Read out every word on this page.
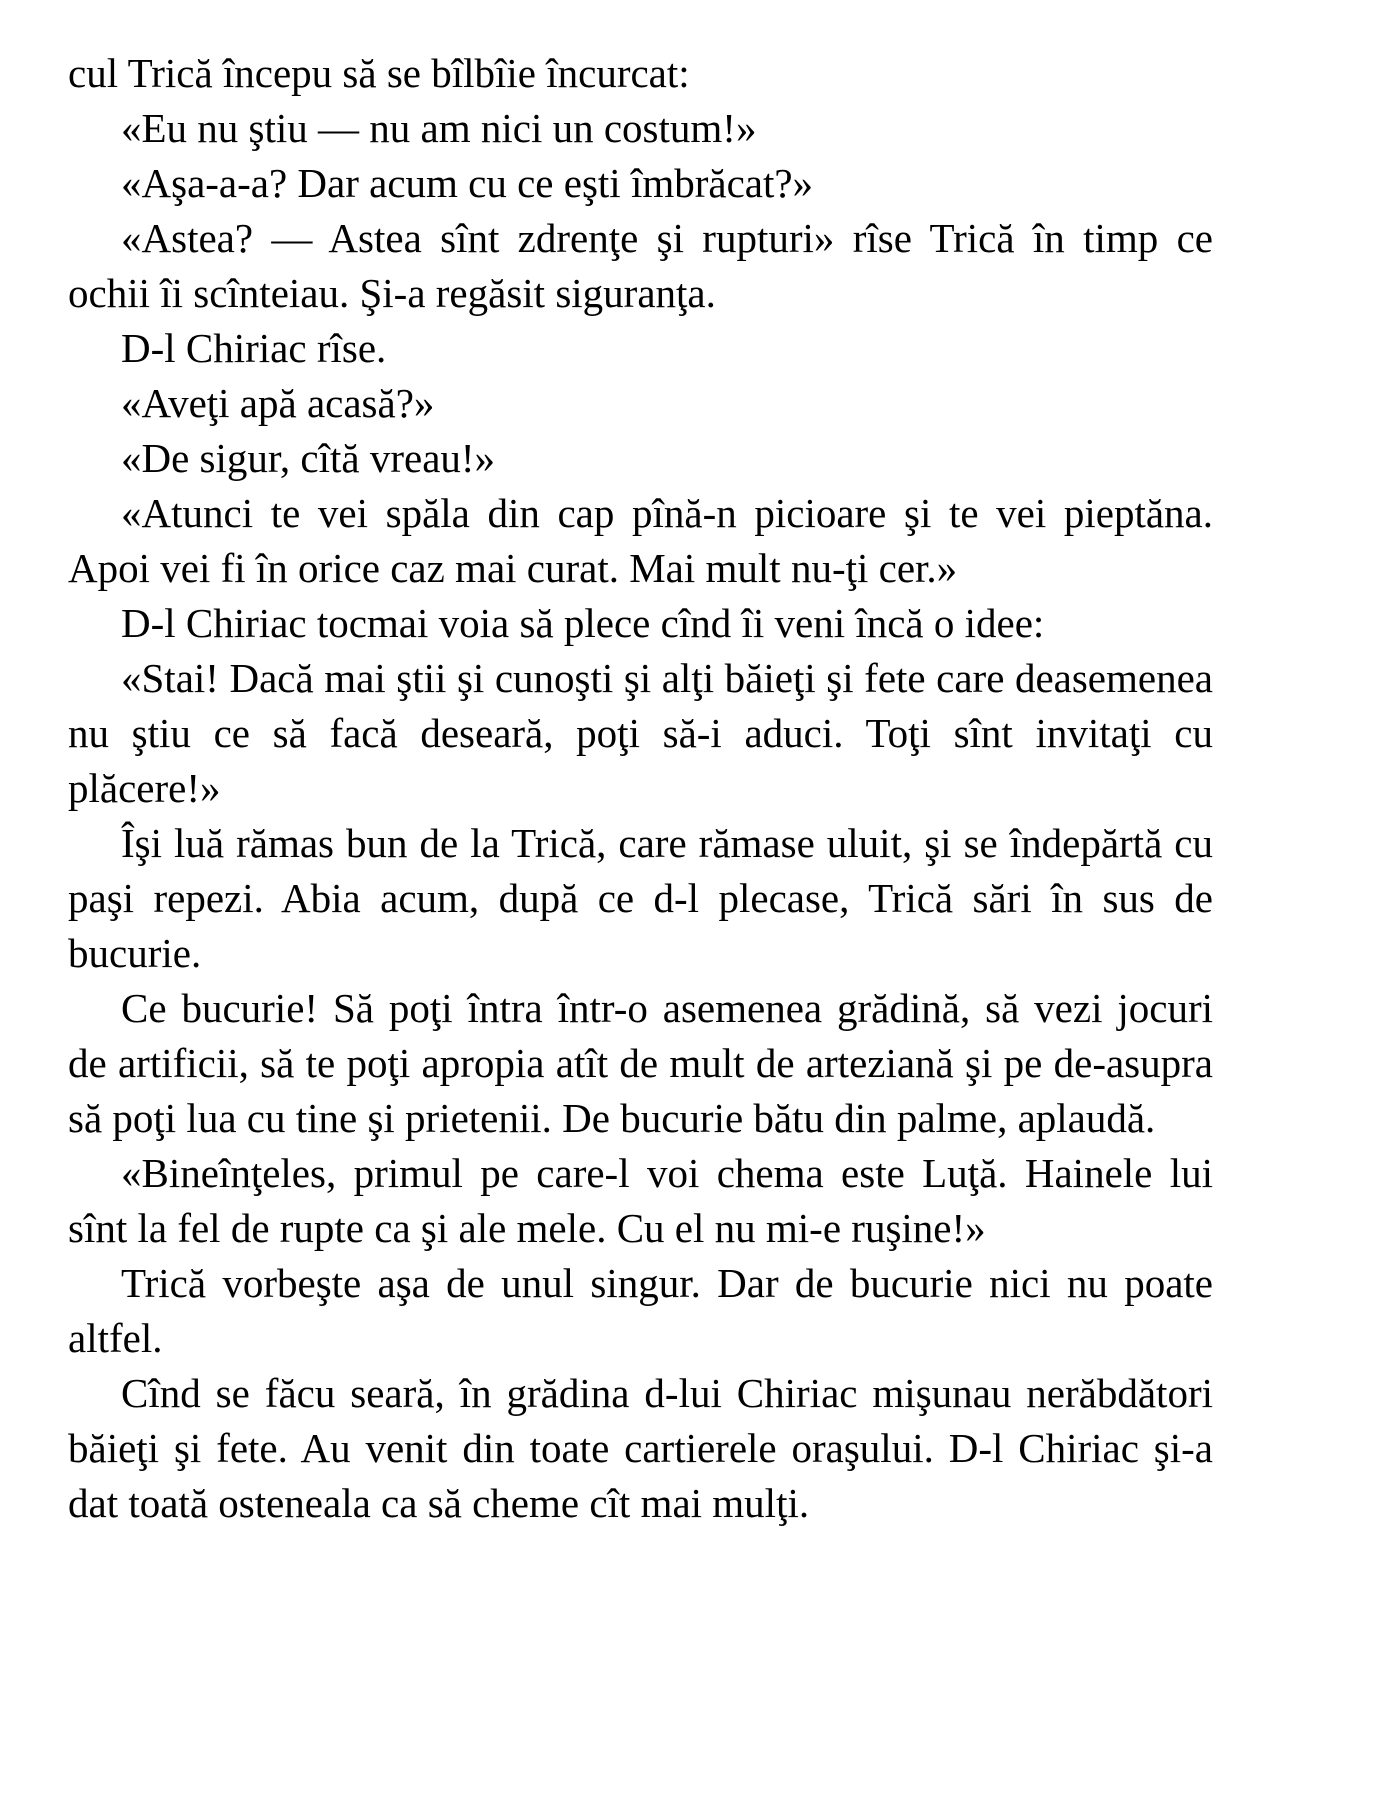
cul Trică începu să se bîlbîie încurcat:

«Eu nu ştiu — nu am nici un costum!»

«Aşa-a-a? Dar acum cu ce eşti îmbrăcat?»

«Astea? — Astea sînt zdrenţe şi rupturi» rîse Trică în timp ce ochii îi scînteiau. Şi-a regăsit siguranţa.

D-l Chiriac rîse.

«Aveţi apă acasă?»

«De sigur, cîtă vreau!»

«Atunci te vei spăla din cap pînă-n picioare şi te vei pieptăna. Apoi vei fi în orice caz mai curat. Mai mult nu-ţi cer.»

D-l Chiriac tocmai voia să plece cînd îi veni încă o idee:

«Stai! Dacă mai ştii şi cunoşti şi alţi băieţi şi fete care deasemenea nu ştiu ce să facă deseară, poţi să-i aduci. Toţi sînt invitaţi cu plăcere!»

Îşi luă rămas bun de la Trică, care rămase uluit, şi se îndepărtă cu paşi repezi. Abia acum, după ce d-l plecase, Trică sări în sus de bucurie.

Ce bucurie! Să poţi întra într-o asemenea grădină, să vezi jocuri de artificii, să te poţi apropia atît de mult de arteziană şi pe de-asupra să poţi lua cu tine şi prietenii. De bucurie bătu din palme, aplaudă.

«Bineînţeles, primul pe care-l voi chema este Luţă. Hainele lui sînt la fel de rupte ca şi ale mele. Cu el nu mi-e ruşine!»

Trică vorbeşte aşa de unul singur. Dar de bucurie nici nu poate altfel.

Cînd se făcu seară, în grădina d-lui Chiriac mişunau nerăbdători băieţi şi fete. Au venit din toate cartierele oraşului. D-l Chiriac şi-a dat toată osteneala ca să cheme cît mai mulţi.
